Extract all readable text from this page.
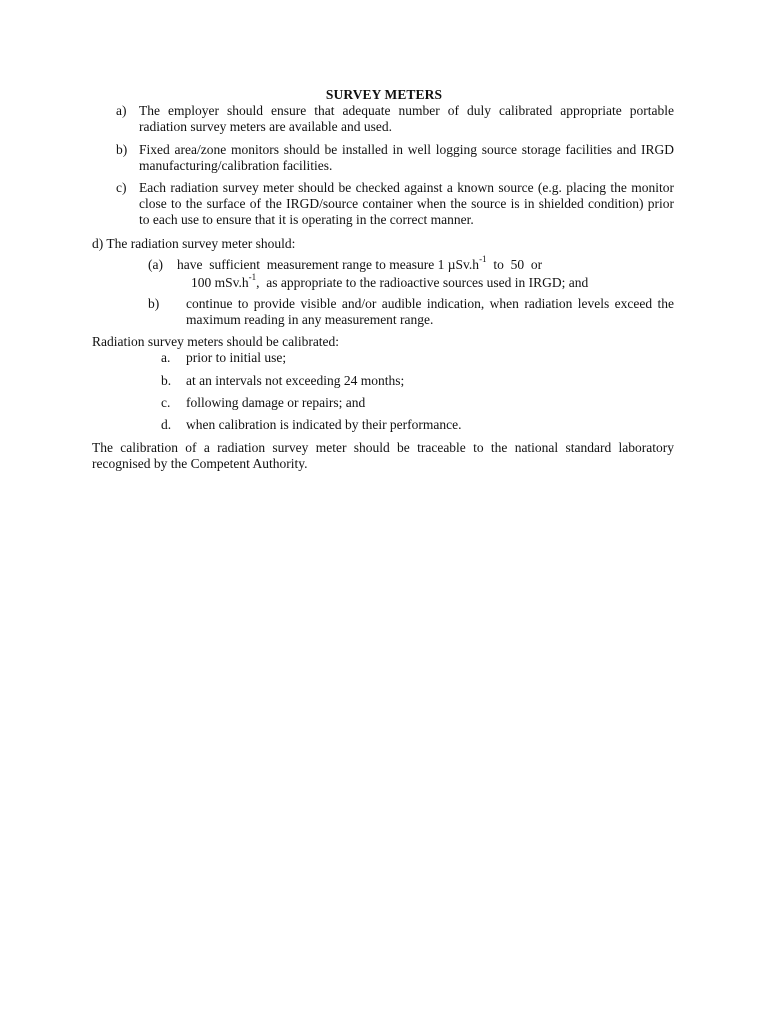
SURVEY METERS
a) The employer should ensure that adequate number of duly calibrated appropriate portable radiation survey meters are available and used.
b) Fixed area/zone monitors should be installed in well logging source storage facilities and IRGD manufacturing/calibration facilities.
c) Each radiation survey meter should be checked against a known source (e.g. placing the monitor close to the surface of the IRGD/source container when the source is in shielded condition) prior to each use to ensure that it is operating in the correct manner.
d) The radiation survey meter should:
(a) have  sufficient  measurement range to measure 1 $\mu Sv.h^{-1}$  to  50  or
100 $mSv.h^{-1}$,  as appropriate to the radioactive sources used in IRGD; and
b) continue to provide visible and/or audible indication, when radiation levels exceed the maximum reading in any measurement range.
Radiation survey meters should be calibrated:
a. prior to initial use;
b. at an intervals not exceeding 24 months;
c. following damage or repairs; and
d. when calibration is indicated by their performance.
The calibration of a radiation survey meter should be traceable to the national standard laboratory recognised by the Competent Authority.
